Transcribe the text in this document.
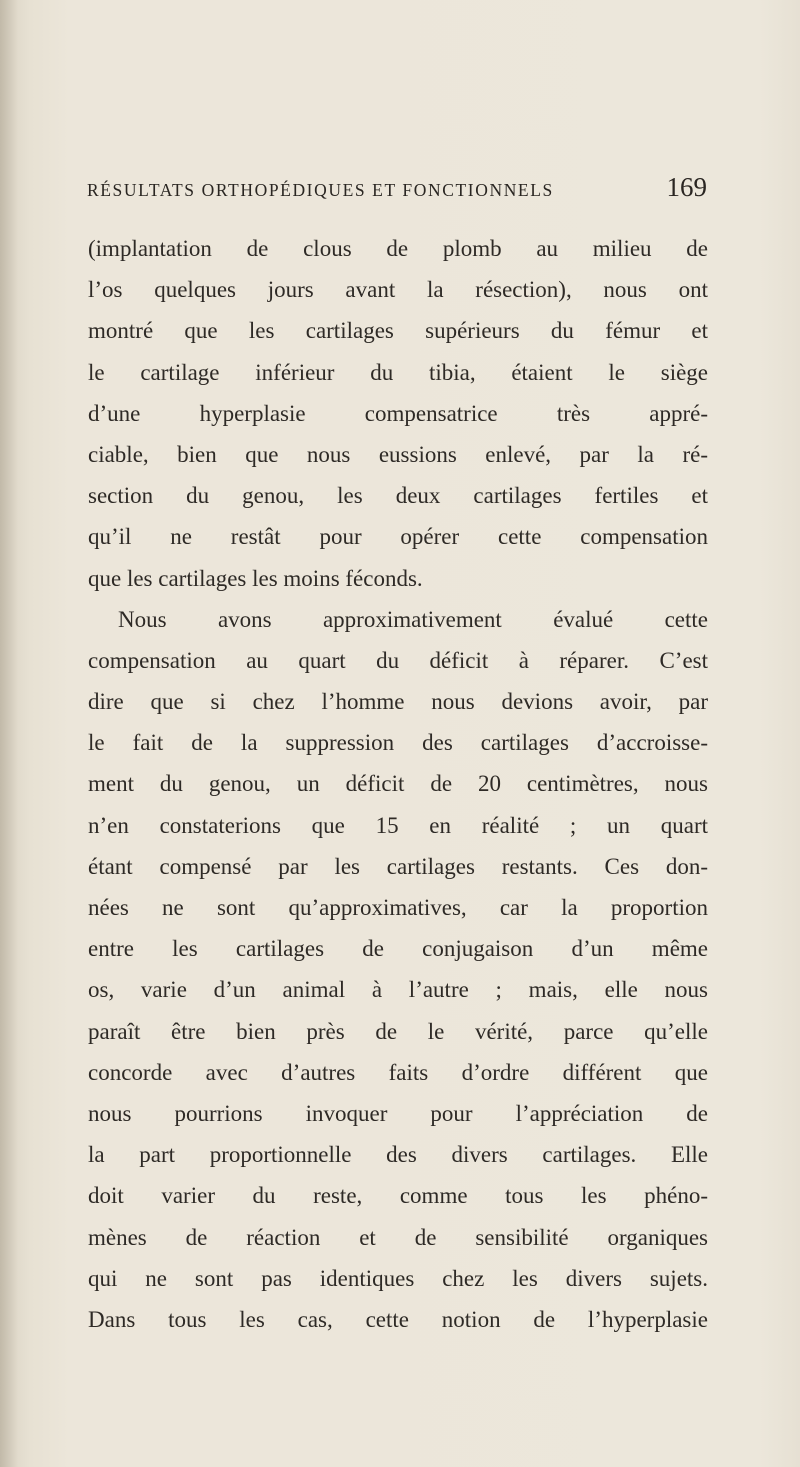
RÉSULTATS ORTHOPÉDIQUES ET FONCTIONNELS	169
(implantation de clous de plomb au milieu de
l’os quelques jours avant la résection), nous ont
montré que les cartilages supérieurs du fémur et
le cartilage inférieur du tibia, étaient le siège
d’une hyperplasie compensatrice très appré-
ciable, bien que nous eussions enlevé, par la ré-
section du genou, les deux cartilages fertiles et
qu’il ne restât pour opérer cette compensation
que les cartilages les moins féconds.
Nous avons approximativement évalué cette
compensation au quart du déficit à réparer. C’est
dire que si chez l’homme nous devions avoir, par
le fait de la suppression des cartilages d’accroisse-
ment du genou, un déficit de 20 centimètres, nous
n’en constaterions que 15 en réalité ; un quart
étant compensé par les cartilages restants. Ces don-
nées ne sont qu’approximatives, car la proportion
entre les cartilages de conjugaison d’un même
os, varie d’un animal à l’autre ; mais, elle nous
paraît être bien près de le vérité, parce qu’elle
concorde avec d’autres faits d’ordre différent que
nous pourrions invoquer pour l’appréciation de
la part proportionnelle des divers cartilages. Elle
doit varier du reste, comme tous les phéno-
mènes de réaction et de sensibilité organiques
qui ne sont pas identiques chez les divers sujets.
Dans tous les cas, cette notion de l’hyperplasie
